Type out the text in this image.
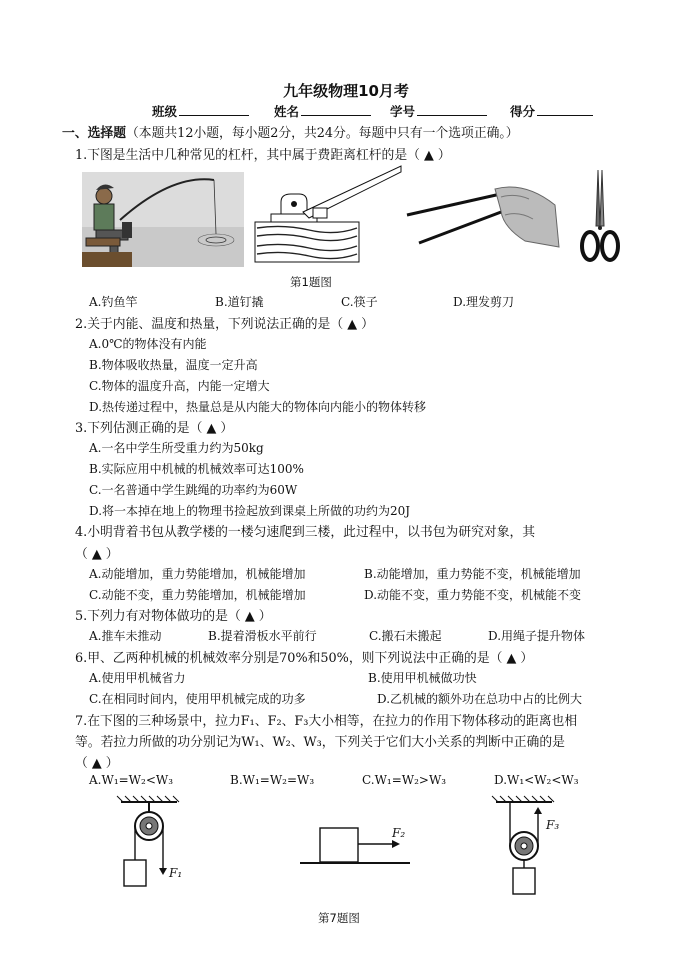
九年级物理10月考
班级	姓名	学号	得分
一、选择题（本题共12小题，每小题2分，共24分。每题中只有一个选项正确。）
1.下图是生活中几种常见的杠杆，其中属于费距离杠杆的是（ ▲ ）
第1题图
A.钓鱼竿	B.道钉撬	C.筷子	D.理发剪刀
2.关于内能、温度和热量，下列说法正确的是（ ▲ ）
A.0℃的物体没有内能
B.物体吸收热量，温度一定升高
C.物体的温度升高，内能一定增大
D.热传递过程中，热量总是从内能大的物体向内能小的物体转移
3.下列估测正确的是（ ▲ ）
A.一名中学生所受重力约为50kg
B.实际应用中机械的机械效率可达100%
C.一名普通中学生跳绳的功率约为60W
D.将一本掉在地上的物理书捡起放到课桌上所做的功约为20J
4.小明背着书包从教学楼的一楼匀速爬到三楼，此过程中，以书包为研究对象，其
（ ▲ ）
A.动能增加，重力势能增加，机械能增加	B.动能增加，重力势能不变，机械能增加
C.动能不变，重力势能增加，机械能增加	D.动能不变，重力势能不变，机械能不变
5.下列力有对物体做功的是（ ▲ ）
A.推车未推动	B.提着滑板水平前行	C.搬石未搬起	D.用绳子提升物体
6.甲、乙两种机械的机械效率分别是70%和50%，则下列说法中正确的是（ ▲ ）
A.使用甲机械省力	B.使用甲机械做功快
C.在相同时间内，使用甲机械完成的功多	D.乙机械的额外功在总功中占的比例大
7.在下图的三种场景中，拉力F₁、F₂、F₃大小相等，在拉力的作用下物体移动的距离也相
等。若拉力所做的功分别记为W₁、W₂、W₃，下列关于它们大小关系的判断中正确的是
（ ▲ ）
A.W₁=W₂<W₃	B.W₁=W₂=W₃	C.W₁=W₂>W₃	D.W₁<W₂<W₃
F₁
F₂
F₃
第7题图
